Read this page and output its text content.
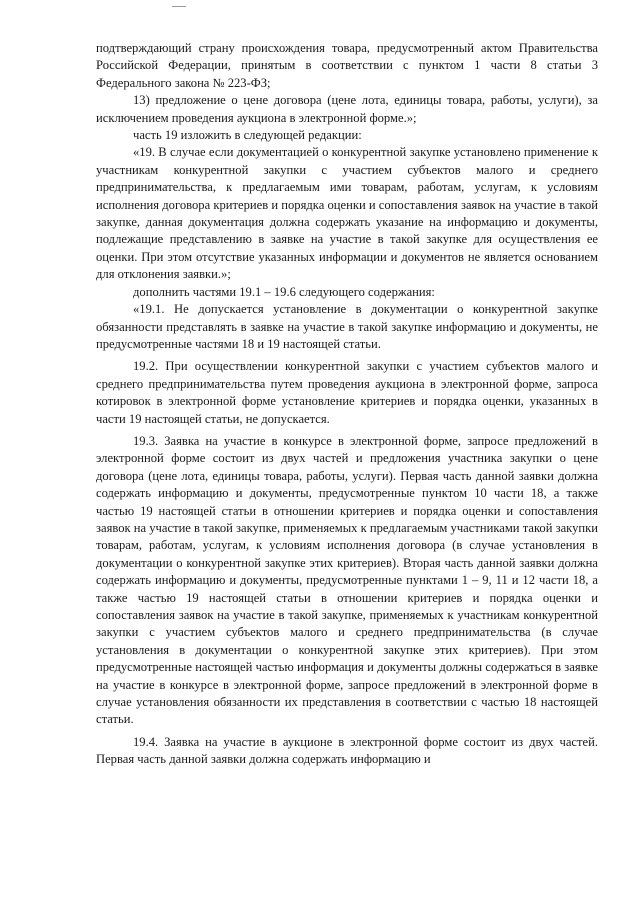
подтверждающий страну происхождения товара, предусмотренный актом Правительства Российской Федерации, принятым в соответствии с пунктом 1 части 8 статьи 3 Федерального закона № 223-ФЗ;

13) предложение о цене договора (цене лота, единицы товара, работы, услуги), за исключением проведения аукциона в электронной форме.»;

часть 19 изложить в следующей редакции:

«19. В случае если документацией о конкурентной закупке установлено применение к участникам конкурентной закупки с участием субъектов малого и среднего предпринимательства, к предлагаемым ими товарам, работам, услугам, к условиям исполнения договора критериев и порядка оценки и сопоставления заявок на участие в такой закупке, данная документация должна содержать указание на информацию и документы, подлежащие представлению в заявке на участие в такой закупке для осуществления ее оценки. При этом отсутствие указанных информации и документов не является основанием для отклонения заявки.»;

дополнить частями 19.1 – 19.6 следующего содержания:

«19.1. Не допускается установление в документации о конкурентной закупке обязанности представлять в заявке на участие в такой закупке информацию и документы, не предусмотренные частями 18 и 19 настоящей статьи.

19.2. При осуществлении конкурентной закупки с участием субъектов малого и среднего предпринимательства путем проведения аукциона в электронной форме, запроса котировок в электронной форме установление критериев и порядка оценки, указанных в части 19 настоящей статьи, не допускается.

19.3. Заявка на участие в конкурсе в электронной форме, запросе предложений в электронной форме состоит из двух частей и предложения участника закупки о цене договора (цене лота, единицы товара, работы, услуги). Первая часть данной заявки должна содержать информацию и документы, предусмотренные пунктом 10 части 18, а также частью 19 настоящей статьи в отношении критериев и порядка оценки и сопоставления заявок на участие в такой закупке, применяемых к предлагаемым участниками такой закупки товарам, работам, услугам, к условиям исполнения договора (в случае установления в документации о конкурентной закупке этих критериев). Вторая часть данной заявки должна содержать информацию и документы, предусмотренные пунктами 1 – 9, 11 и 12 части 18, а также частью 19 настоящей статьи в отношении критериев и порядка оценки и сопоставления заявок на участие в такой закупке, применяемых к участникам конкурентной закупки с участием субъектов малого и среднего предпринимательства (в случае установления в документации о конкурентной закупке этих критериев). При этом предусмотренные настоящей частью информация и документы должны содержаться в заявке на участие в конкурсе в электронной форме, запросе предложений в электронной форме в случае установления обязанности их представления в соответствии с частью 18 настоящей статьи.

19.4. Заявка на участие в аукционе в электронной форме состоит из двух частей. Первая часть данной заявки должна содержать информацию и
